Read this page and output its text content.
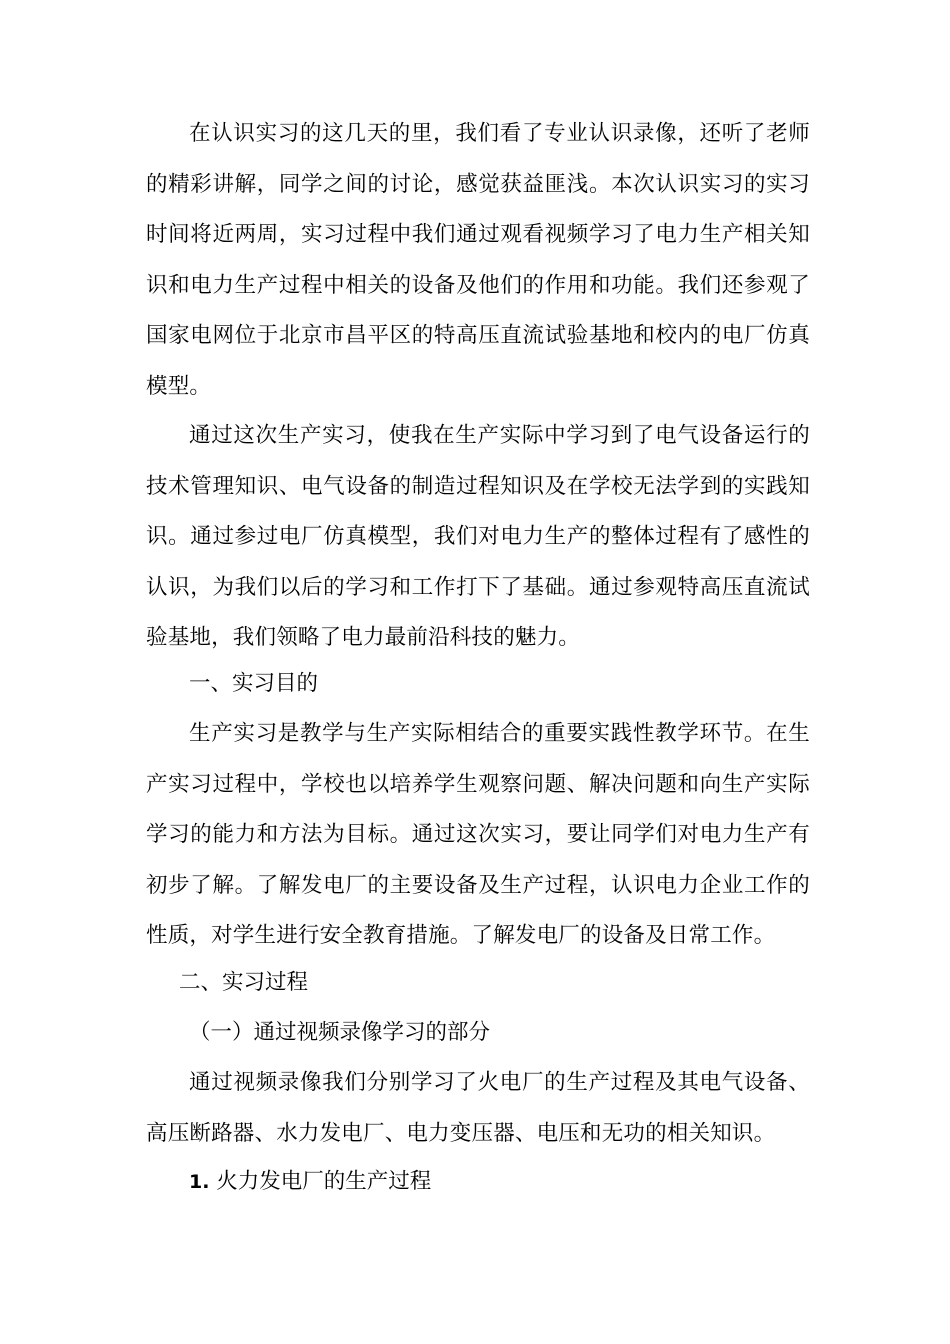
在认识实习的这几天的里，我们看了专业认识录像，还听了老师的精彩讲解，同学之间的讨论，感觉获益匪浅。本次认识实习的实习时间将近两周，实习过程中我们通过观看视频学习了电力生产相关知识和电力生产过程中相关的设备及他们的作用和功能。我们还参观了国家电网位于北京市昌平区的特高压直流试验基地和校内的电厂仿真模型。

通过这次生产实习，使我在生产实际中学习到了电气设备运行的技术管理知识、电气设备的制造过程知识及在学校无法学到的实践知识。通过参过电厂仿真模型，我们对电力生产的整体过程有了感性的认识，为我们以后的学习和工作打下了基础。通过参观特高压直流试验基地，我们领略了电力最前沿科技的魅力。

一、实习目的

生产实习是教学与生产实际相结合的重要实践性教学环节。在生产实习过程中，学校也以培养学生观察问题、解决问题和向生产实际学习的能力和方法为目标。通过这次实习，要让同学们对电力生产有初步了解。了解发电厂的主要设备及生产过程，认识电力企业工作的性质，对学生进行安全教育措施。了解发电厂的设备及日常工作。

二、实习过程
（一）通过视频录像学习的部分

通过视频录像我们分别学习了火电厂的生产过程及其电气设备、高压断路器、水力发电厂、电力变压器、电压和无功的相关知识。

1. 火力发电厂的生产过程
